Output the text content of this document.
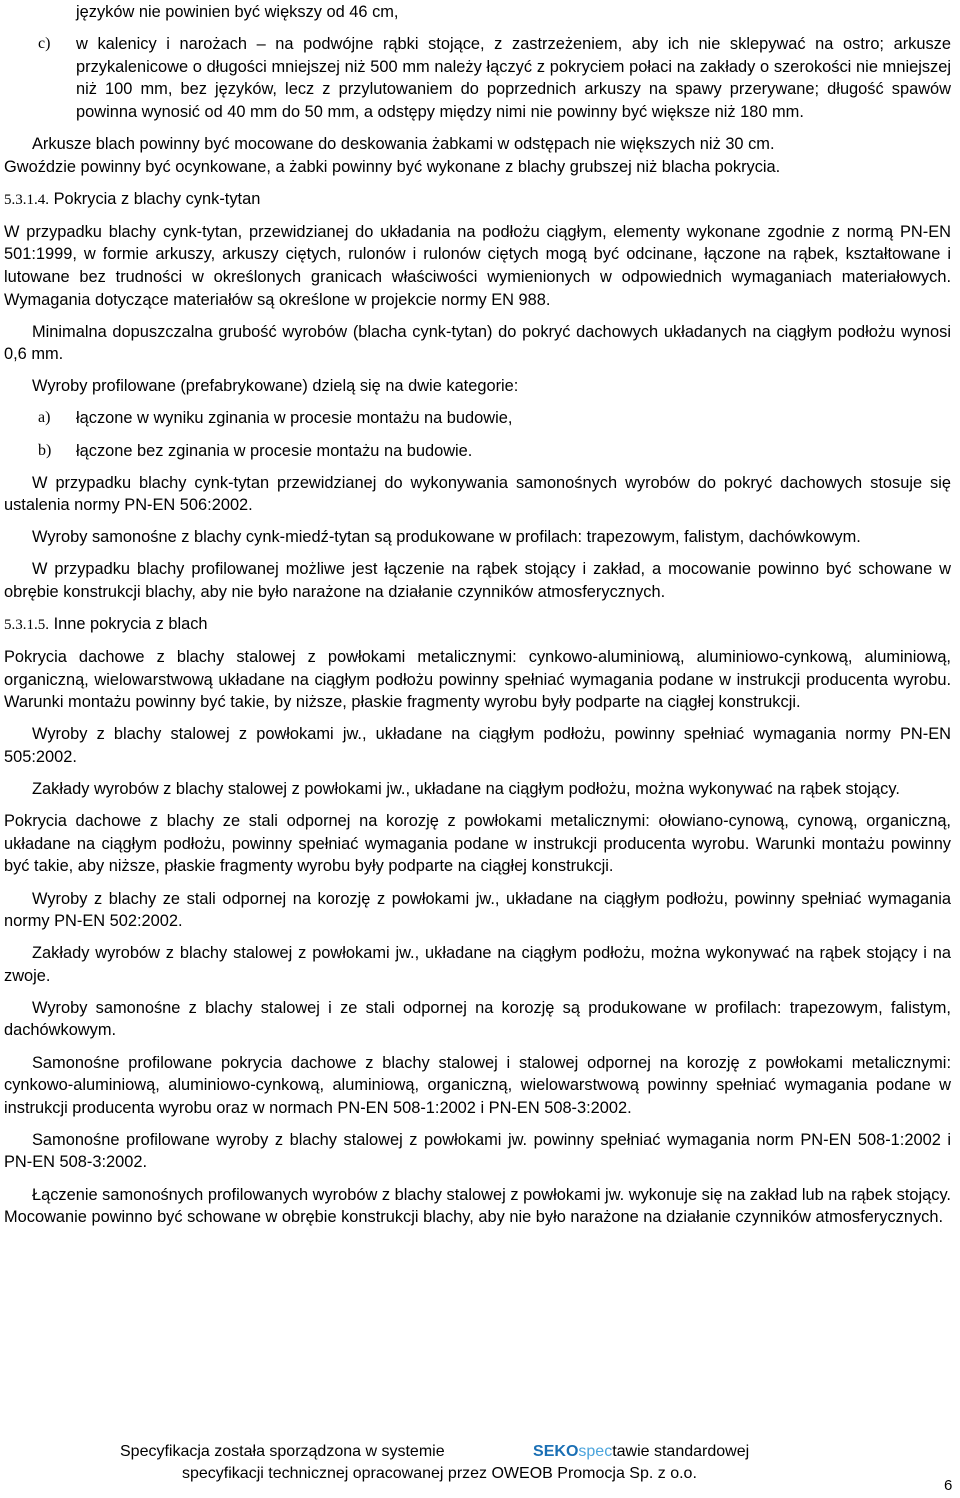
języków nie powinien być większy od 46 cm,

c) w kalenicy i narożach – na podwójne rąbki stojące, z zastrzeżeniem, aby ich nie sklepywać na ostro; arkusze przykalenicowe o długości mniejszej niż 500 mm należy łączyć z pokryciem połaci na zakłady o szerokości nie mniejszej niż 100 mm, bez języków, lecz z przylutowaniem do poprzednich arkuszy na spawy przerywane; długość spawów powinna wynosić od 40 mm do 50 mm, a odstępy między nimi nie powinny być większe niż 180 mm.

Arkusze blach powinny być mocowane do deskowania żabkami w odstępach nie większych niż 30 cm.

Gwoździe powinny być ocynkowane, a żabki powinny być wykonane z blachy grubszej niż blacha pokrycia.

5.3.1.4. Pokrycia z blachy cynk-tytan

W przypadku blachy cynk-tytan, przewidzianej do układania na podłożu ciągłym, elementy wykonane zgodnie z normą PN-EN 501:1999, w formie arkuszy, arkuszy ciętych, rulonów i rulonów ciętych mogą być odcinane, łączone na rąbek, kształtowane i lutowane bez trudności w określonych granicach właściwości wymienionych w odpowiednich wymaganiach materiałowych. Wymagania dotyczące materiałów są określone w projekcie normy EN 988.

Minimalna dopuszczalna grubość wyrobów (blacha cynk-tytan) do pokryć dachowych układanych na ciągłym podłożu wynosi 0,6 mm.

Wyroby profilowane (prefabrykowane) dzielą się na dwie kategorie:

a) łączone w wyniku zginania w procesie montażu na budowie,

b) łączone bez zginania w procesie montażu na budowie.

W przypadku blachy cynk-tytan przewidzianej do wykonywania samonośnych wyrobów do pokryć dachowych stosuje się ustalenia normy PN-EN 506:2002.

Wyroby samonośne z blachy cynk-miedź-tytan są produkowane w profilach: trapezowym, falistym, dachówkowym.

W przypadku blachy profilowanej możliwe jest łączenie na rąbek stojący i zakład, a mocowanie powinno być schowane w obrębie konstrukcji blachy, aby nie było narażone na działanie czynników atmosferycznych.

5.3.1.5. Inne pokrycia z blach

Pokrycia dachowe z blachy stalowej z powłokami metalicznymi: cynkowo-aluminiową, aluminiowo-cynkową, aluminiową, organiczną, wielowarstwową układane na ciągłym podłożu powinny spełniać wymagania podane w instrukcji producenta wyrobu. Warunki montażu powinny być takie, by niższe, płaskie fragmenty wyrobu były podparte na ciągłej konstrukcji.

Wyroby z blachy stalowej z powłokami jw., układane na ciągłym podłożu, powinny spełniać wymagania normy PN-EN 505:2002.

Zakłady wyrobów z blachy stalowej z powłokami jw., układane na ciągłym podłożu, można wykonywać na rąbek stojący.

Pokrycia dachowe z blachy ze stali odpornej na korozję z powłokami metalicznymi: ołowiano-cynową, cynową, organiczną, układane na ciągłym podłożu, powinny spełniać wymagania podane w instrukcji producenta wyrobu. Warunki montażu powinny być takie, aby niższe, płaskie fragmenty wyrobu były podparte na ciągłej konstrukcji.

Wyroby z blachy ze stali odpornej na korozję z powłokami jw., układane na ciągłym podłożu, powinny spełniać wymagania normy PN-EN 502:2002.

Zakłady wyrobów z blachy stalowej z powłokami jw., układane na ciągłym podłożu, można wykonywać na rąbek stojący i na zwoje.

Wyroby samonośne z blachy stalowej i ze stali odpornej na korozję są produkowane w profilach: trapezowym, falistym, dachówkowym.

Samonośne profilowane pokrycia dachowe z blachy stalowej i stalowej odpornej na korozję z powłokami metalicznymi: cynkowo-aluminiową, aluminiowo-cynkową, aluminiową, organiczną, wielowarstwową powinny spełniać wymagania podane w instrukcji producenta wyrobu oraz w normach PN-EN 508-1:2002 i PN-EN 508-3:2002.

Samonośne profilowane wyroby z blachy stalowej z powłokami jw. powinny spełniać wymagania norm PN-EN 508-1:2002 i PN-EN 508-3:2002.

Łączenie samonośnych profilowanych wyrobów z blachy stalowej z powłokami jw. wykonuje się na zakład lub na rąbek stojący. Mocowanie powinno być schowane w obrębie konstrukcji blachy, aby nie było narażone na działanie czynników atmosferycznych.

Specyfikacja została sporządzona w systemie	SEKOspectawie standardowej
specyfikacji technicznej opracowanej przez OWEOB Promocja Sp. z o.o.
6
